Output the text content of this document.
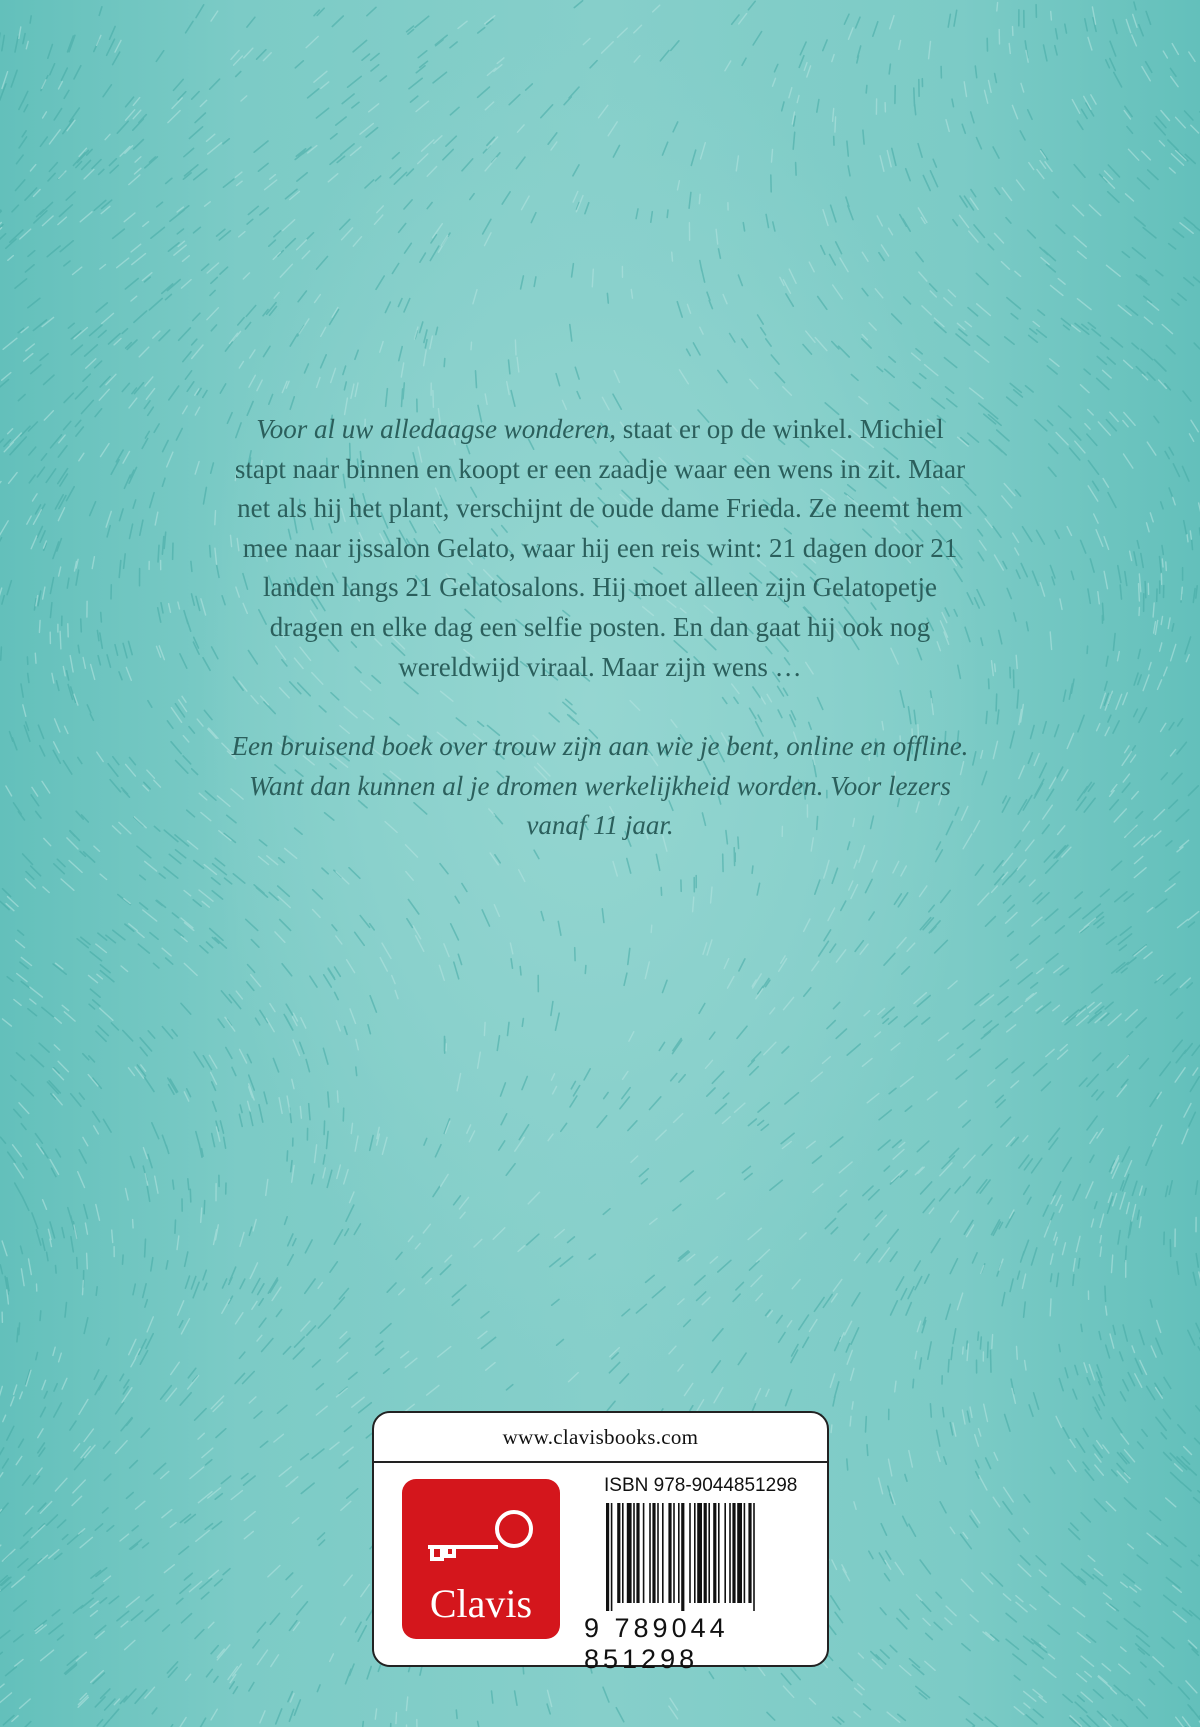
Voor al uw alledaagse wonderen, staat er op de winkel. Michiel stapt naar binnen en koopt er een zaadje waar een wens in zit. Maar net als hij het plant, verschijnt de oude dame Frieda. Ze neemt hem mee naar ijssalon Gelato, waar hij een reis wint: 21 dagen door 21 landen langs 21 Gelatosalons. Hij moet alleen zijn Gelatopetje dragen en elke dag een selfie posten. En dan gaat hij ook nog wereldwijd viraal. Maar zijn wens …

Een bruisend boek over trouw zijn aan wie je bent, online en offline. Want dan kunnen al je dromen werkelijkheid worden. Voor lezers vanaf 11 jaar.

www.clavisbooks.com
Clavis
ISBN 978-9044851298
9 789044 851298
